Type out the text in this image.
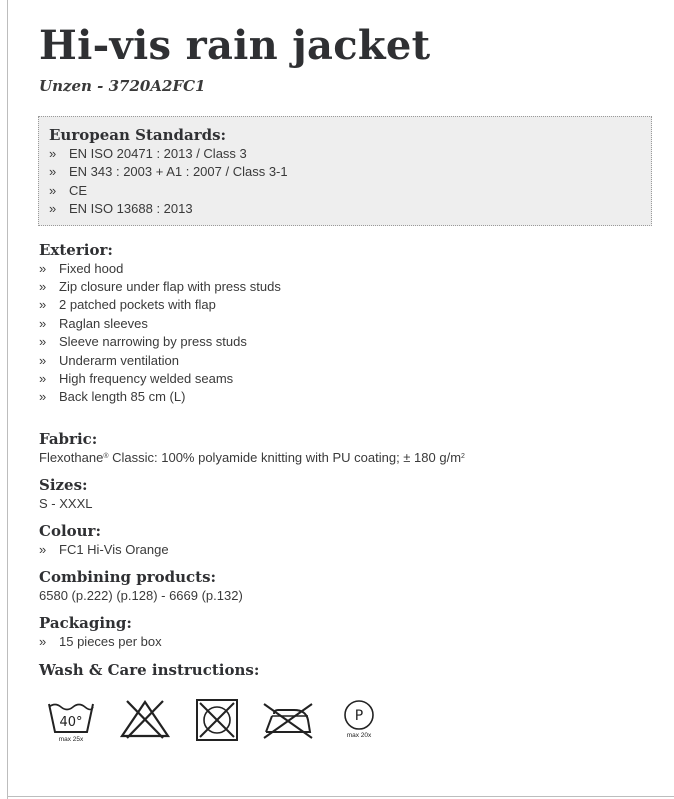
Hi-vis rain jacket
Unzen - 3720A2FC1
European Standards:
» EN ISO 20471 : 2013 / Class 3
» EN 343 : 2003 + A1 : 2007 / Class 3-1
» CE
» EN ISO 13688 : 2013
Exterior:
» Fixed hood
» Zip closure under flap with press studs
» 2 patched pockets with flap
» Raglan sleeves
» Sleeve narrowing by press studs
» Underarm ventilation
» High frequency welded seams
» Back length 85 cm (L)
Fabric:
Flexothane® Classic: 100% polyamide knitting with PU coating; ± 180 $g/m^2$
Sizes:
S - XXXL
Colour:
» FC1 Hi-Vis Orange
Combining products:
6580 (p.222) (p.128) - 6669 (p.132)
Packaging:
» 15 pieces per box
Wash & Care instructions:
40°
max 25x
P
max 20x
